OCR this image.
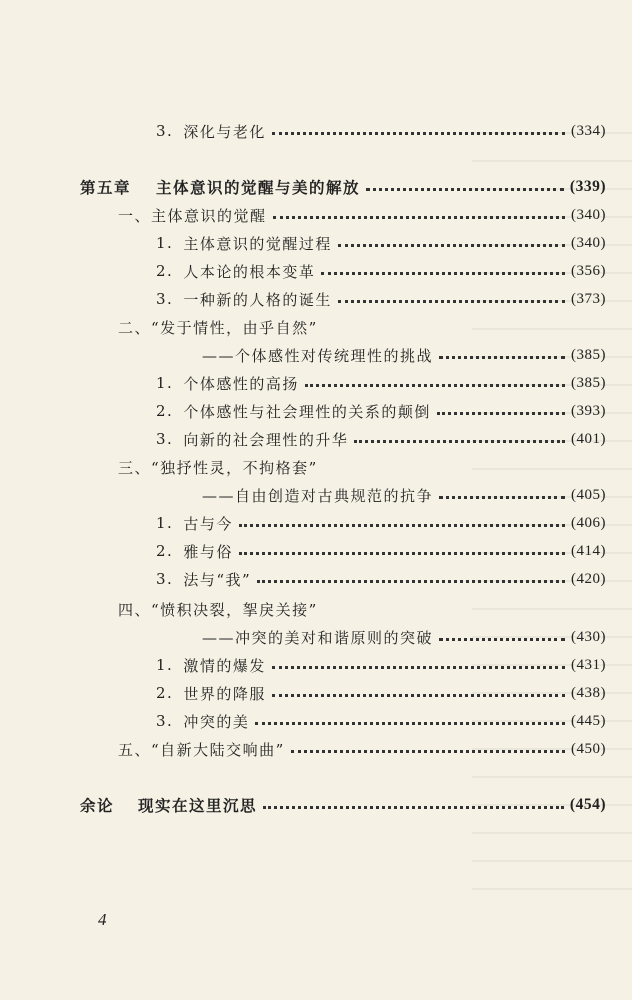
3. 深化与老化	(334)
第五章	主体意识的觉醒与美的解放	(339)
一、 主体意识的觉醒	(340)
1. 主体意识的觉醒过程	(340)
2. 人本论的根本变革	(356)
3. 一种新的人格的诞生	(373)
二、 “发于情性，由乎自然”
——个体感性对传统理性的挑战	(385)
1. 个体感性的高扬	(385)
2. 个体感性与社会理性的关系的颠倒	(393)
3. 向新的社会理性的升华	(401)
三、 “独抒性灵，不拘格套”
——自由创造对古典规范的抗争	(405)
1. 古与今	(406)
2. 雅与俗	(414)
3. 法与“我”	(420)
四、 “愤积决裂，挐戾关接”
——冲突的美对和谐原则的突破	(430)
1. 激情的爆发	(431)
2. 世界的降服	(438)
3. 冲突的美	(445)
五、 “自新大陆交响曲”	(450)
余论	现实在这里沉思	(454)
4
